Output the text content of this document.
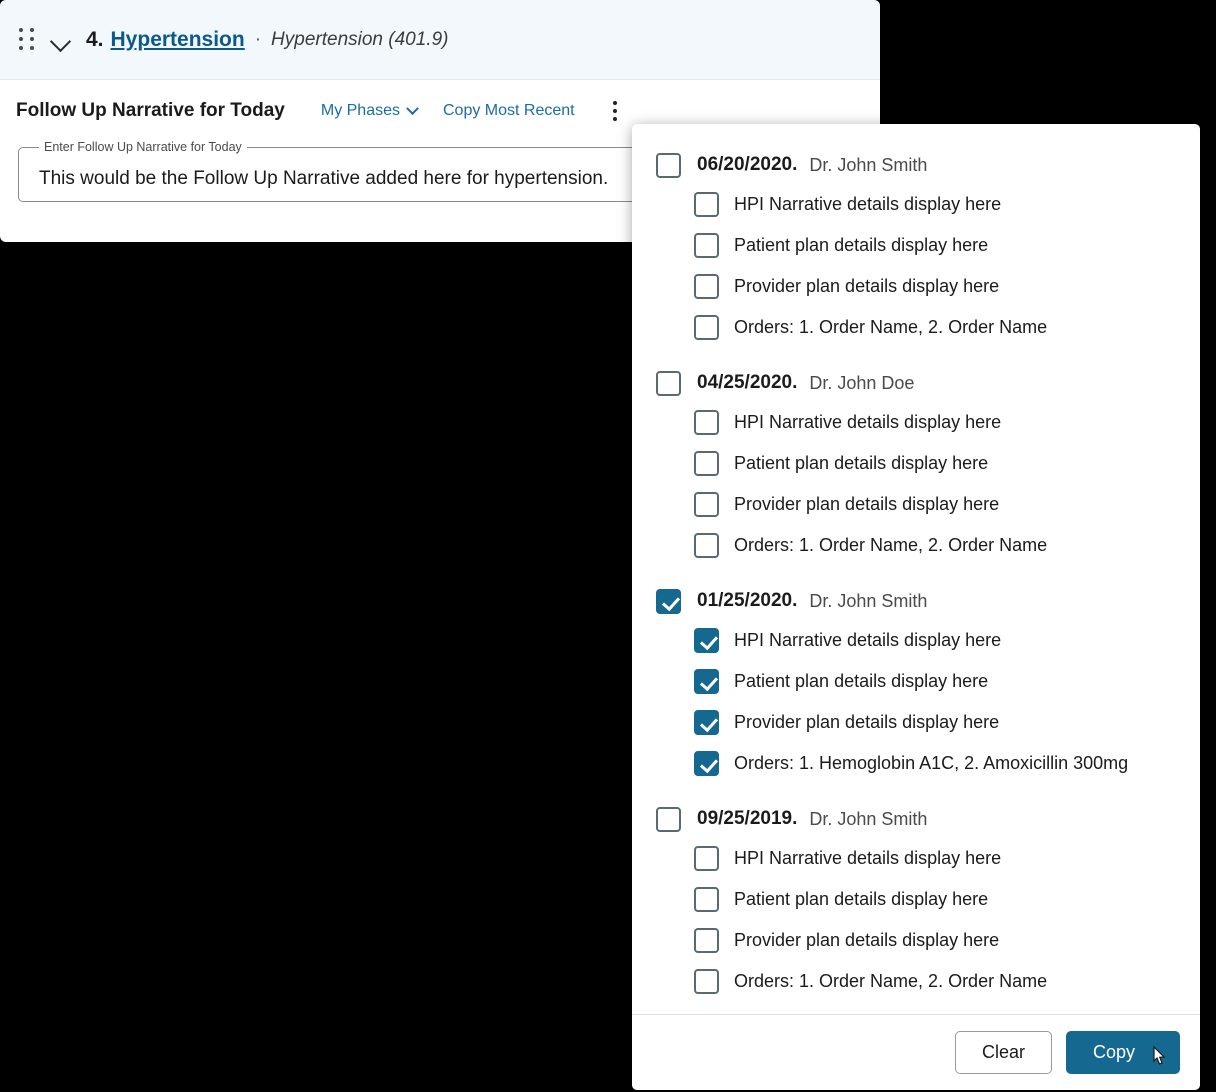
4. Hypertension · Hypertension (401.9)
Follow Up Narrative for Today My Phases	Copy Most Recent
Enter Follow Up Narrative for Today
This would be the Follow Up Narrative added here for hypertension.
06/20/2020. Dr. John Smith
HPI Narrative details display here
Patient plan details display here
Provider plan details display here
Orders: 1. Order Name, 2. Order Name
04/25/2020. Dr. John Doe
HPI Narrative details display here
Patient plan details display here
Provider plan details display here
Orders: 1. Order Name, 2. Order Name
01/25/2020. Dr. John Smith
HPI Narrative details display here
Patient plan details display here
Provider plan details display here
Orders: 1. Hemoglobin A1C, 2. Amoxicillin 300mg
09/25/2019. Dr. John Smith
HPI Narrative details display here
Patient plan details display here
Provider plan details display here
Orders: 1. Order Name, 2. Order Name
Clear	Copy
